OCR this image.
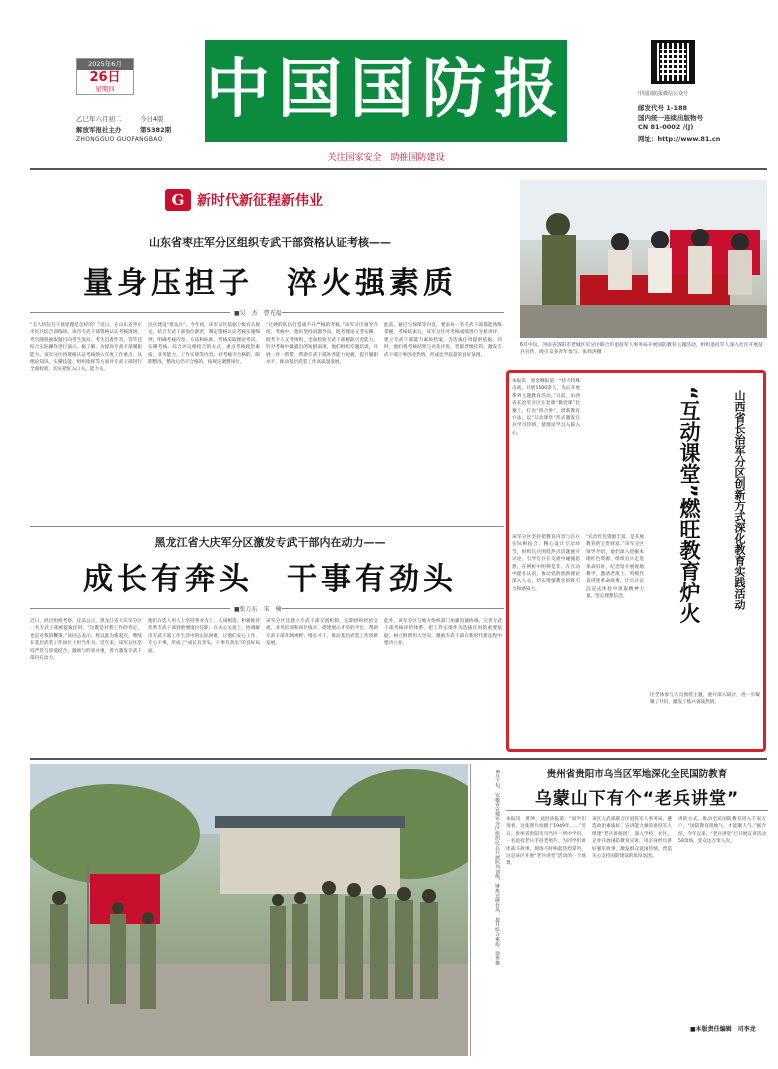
2025年6月
26日
星期四
乙巳年六月初二	今日4版
解放军报社主办	第5382期
ZHONGGUO GUOFANGBAO
中国国防报
关注国家安全　助推国防建设
中国国防报微信公众号
邮发代号 1-188
国内统一连续出版物号
CN 81-0002 /(J)
网址：http://www.81.cn
G 新时代新征程新伟业
山东省枣庄军分区组织专武干部资格认证考核——
量身压担子　淬火强素质
■吴　杰　曹光福
“无人机信号干扰原理是怎样的？”近日，在山东省枣庄市民兵综合训练场，该市专武干部资格认证考核现场，考官随机抽取题目向考生发问。考生沉着作答，答毕还结合实际操作进行演示。据了解，为提高专武干部履职能力，该军分区将资格认证考核纳入年度工作重点，从理论知识、实操技能、组织指挥等方面对专武干部进行全面检验，切实把好入口关、能力关。
民兵建设“排头兵”。今年初，该军分区依据上级有关规定，结合专武干部岗位职责，制定资格认证考核实施细则，明确考核内容、方法和标准。考核采取理论考试、实操考核、综合评议相结合的方式，重点考核政治素质、业务能力、工作实绩等内容。对考核不合格的，限期整改，整改后仍不合格的，按规定调整岗位。
“过硬的队伍打造离不开严格的考核。”该军分区领导介绍，考核中，他们坚持问题导向，既考理论又考实操，既考个人又考组织，全面检验专武干部履职尽责能力。针对考核中暴露出的短板弱项，他们组织专题培训，开展一对一帮带，帮助专武干部补齐能力短板，提升履职水平，推动基层武装工作高质量发展。
此前，通过与保障等内容，要求每一名专武干部都能熟练掌握。考核结束后，该军分区对考核成绩进行分析讲评，建立专武干部能力素质档案，为选拔任用提供依据。同时，他们将考核结果与评先评优、晋职晋级挂钩，激发专武干部干事创业热情，形成比学赶超的良好氛围。
6月中旬，河南省洛阳市老城区军分区联合市退役军人事务局开展国防教育主题活动，组织退役军人深入社区开展征兵宣传，吸引众多青年参与。张伟涛摄
本报讯　原金峰报道：“特大特殊击战，开展1500余人，先后开展系列主题教育活动。”日前，山西省长治军分区在复课“微党课”比赛上，打出“组合拳”，创新教育方法，以“互动课堂”形式激发官兵学习热情，使理论学习入脑入心。
该军分区坚持把教育内容与官兵实际相结合，精心设计互动环节，组织官兵围绕热点话题展开讨论，引导官兵在交流中碰撞思想、在辨析中明辨是非、在互动中提升认识，推动党的创新理论深入人心，切实增强教育的吸引力和感染力。
“长治红色资源丰富，是开展教育的宝贵财富。”该军分区领导介绍，他们深入挖掘本地红色资源，组织官兵走进革命旧址、纪念馆开展现地教学，邀请老战士、英模代表讲述革命故事，让官兵在沉浸式体验中汲取精神力量，坚定理想信念。
区全体参与人员围绕主题，展开深入研讨，进一步凝聚了共识，激发了练兵备战热情。
“互动课堂”燃旺教育炉火	山西省长治军分区创新方式深化教育实践活动
黑龙江省大庆军分区激发专武干部内在动力——
成长有奔头　干事有劲头
■张万东　宋　楠
近日，经过组织考察、任前公示，黑龙江省大庆军分区一名专武干部被提拔任用。“这既是对我工作的肯定，也是对我的鞭策。”该同志表示，将以此为新起点，继续在基层武装工作岗位上担当作为。近年来，该军分区坚持严管与厚爱结合，激励与约束并重，着力激发专武干部内在动力。
他们在选人用人上坚持事业为上、人岗相适，积极推荐优秀专武干部到重要岗位任职；在关心关爱上，协调解决专武干部工作生活中的实际困难，让他们安心工作、专心干事，形成了“成长有奔头、干事有劲头”的良好局面。
该军分区还建立专武干部交流机制，定期组织经验交流、业务培训和岗位练兵，搭建展示才华的平台，帮助专武干部开阔视野、增长才干，推动基层武装工作创新发展。
此外，该军分区与地方组织部门加强沟通协调，完善专武干部考核评价体系，把工作实绩作为选拔任用的重要依据，树立鲜明用人导向，激励专武干部在新时代新征程中建功立业。
6月下旬，安徽省宣城军分区组织民兵开展队列训练，锤炼过硬作风，提升综合素质。徐勇摄	贵州省贵阳市乌当区军地深化全民国防教育
乌蒙山下有个“老兵讲堂”
本报讯　黄坤、刘洪涛报道：“同学们请看，这张照片拍摄于1949年……”近日，贵州省贵阳市乌当区一所中学内，一名退役老兵手持老照片，为同学们讲述战斗故事，现场不时响起热烈掌声。这是该区开展“老兵讲堂”活动的一个场景。
该区人武部联合区退役军人事务局，遴选政治素质好、宣讲能力强的退役军人组建“老兵讲师团”，深入学校、社区、企业开展国防教育宣讲，用亲身经历讲好强军故事，激发群众爱国热情，营造关心支持国防建设的浓厚氛围。
讲的方式，推动全民国防教育进入千家万户。“国防教育接地气，才能聚人气。”据介绍，今年以来，“老兵讲堂”已开展宣讲活动50余场，受众达万余人次。
■本版责任编辑　司李龙
